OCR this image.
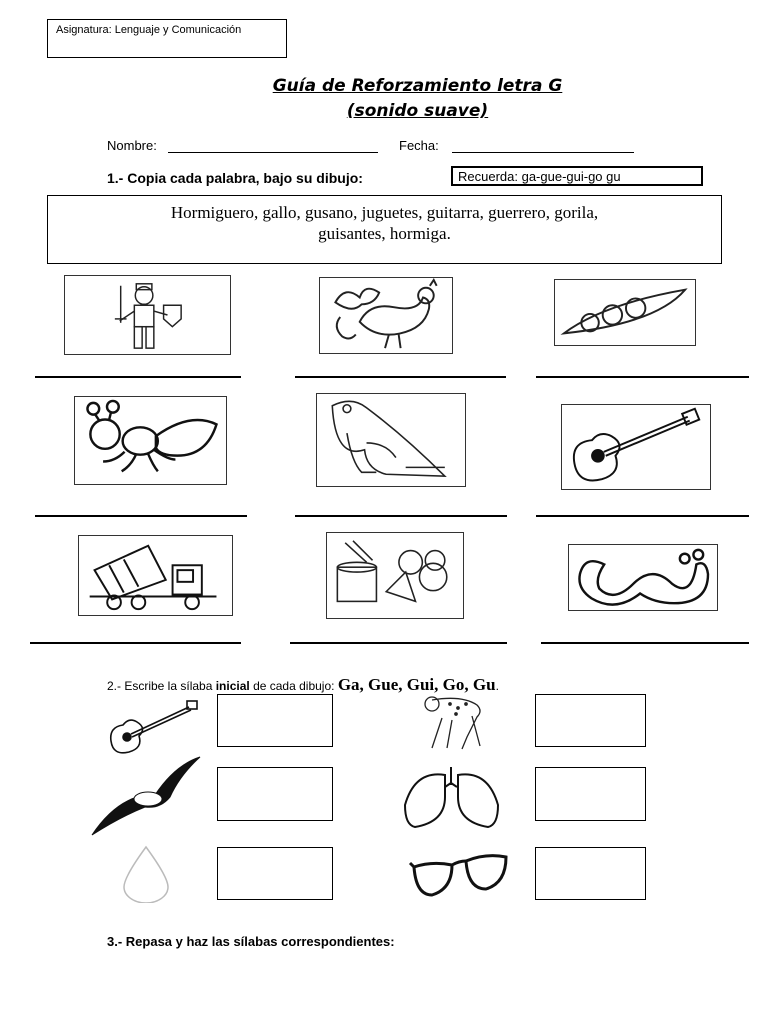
Asignatura: Lenguaje y Comunicación
Guía de Reforzamiento letra G
(sonido suave)
Nombre:	Fecha:
1.- Copia cada palabra, bajo su dibujo:	Recuerda: ga-gue-gui-go gu
Hormiguero, gallo, gusano, juguetes, guitarra, guerrero, gorila,
guisantes, hormiga.
2.- Escribe la sílaba inicial de cada dibujo: Ga, Gue, Gui, Go, Gu.
3.- Repasa y haz las sílabas correspondientes:
